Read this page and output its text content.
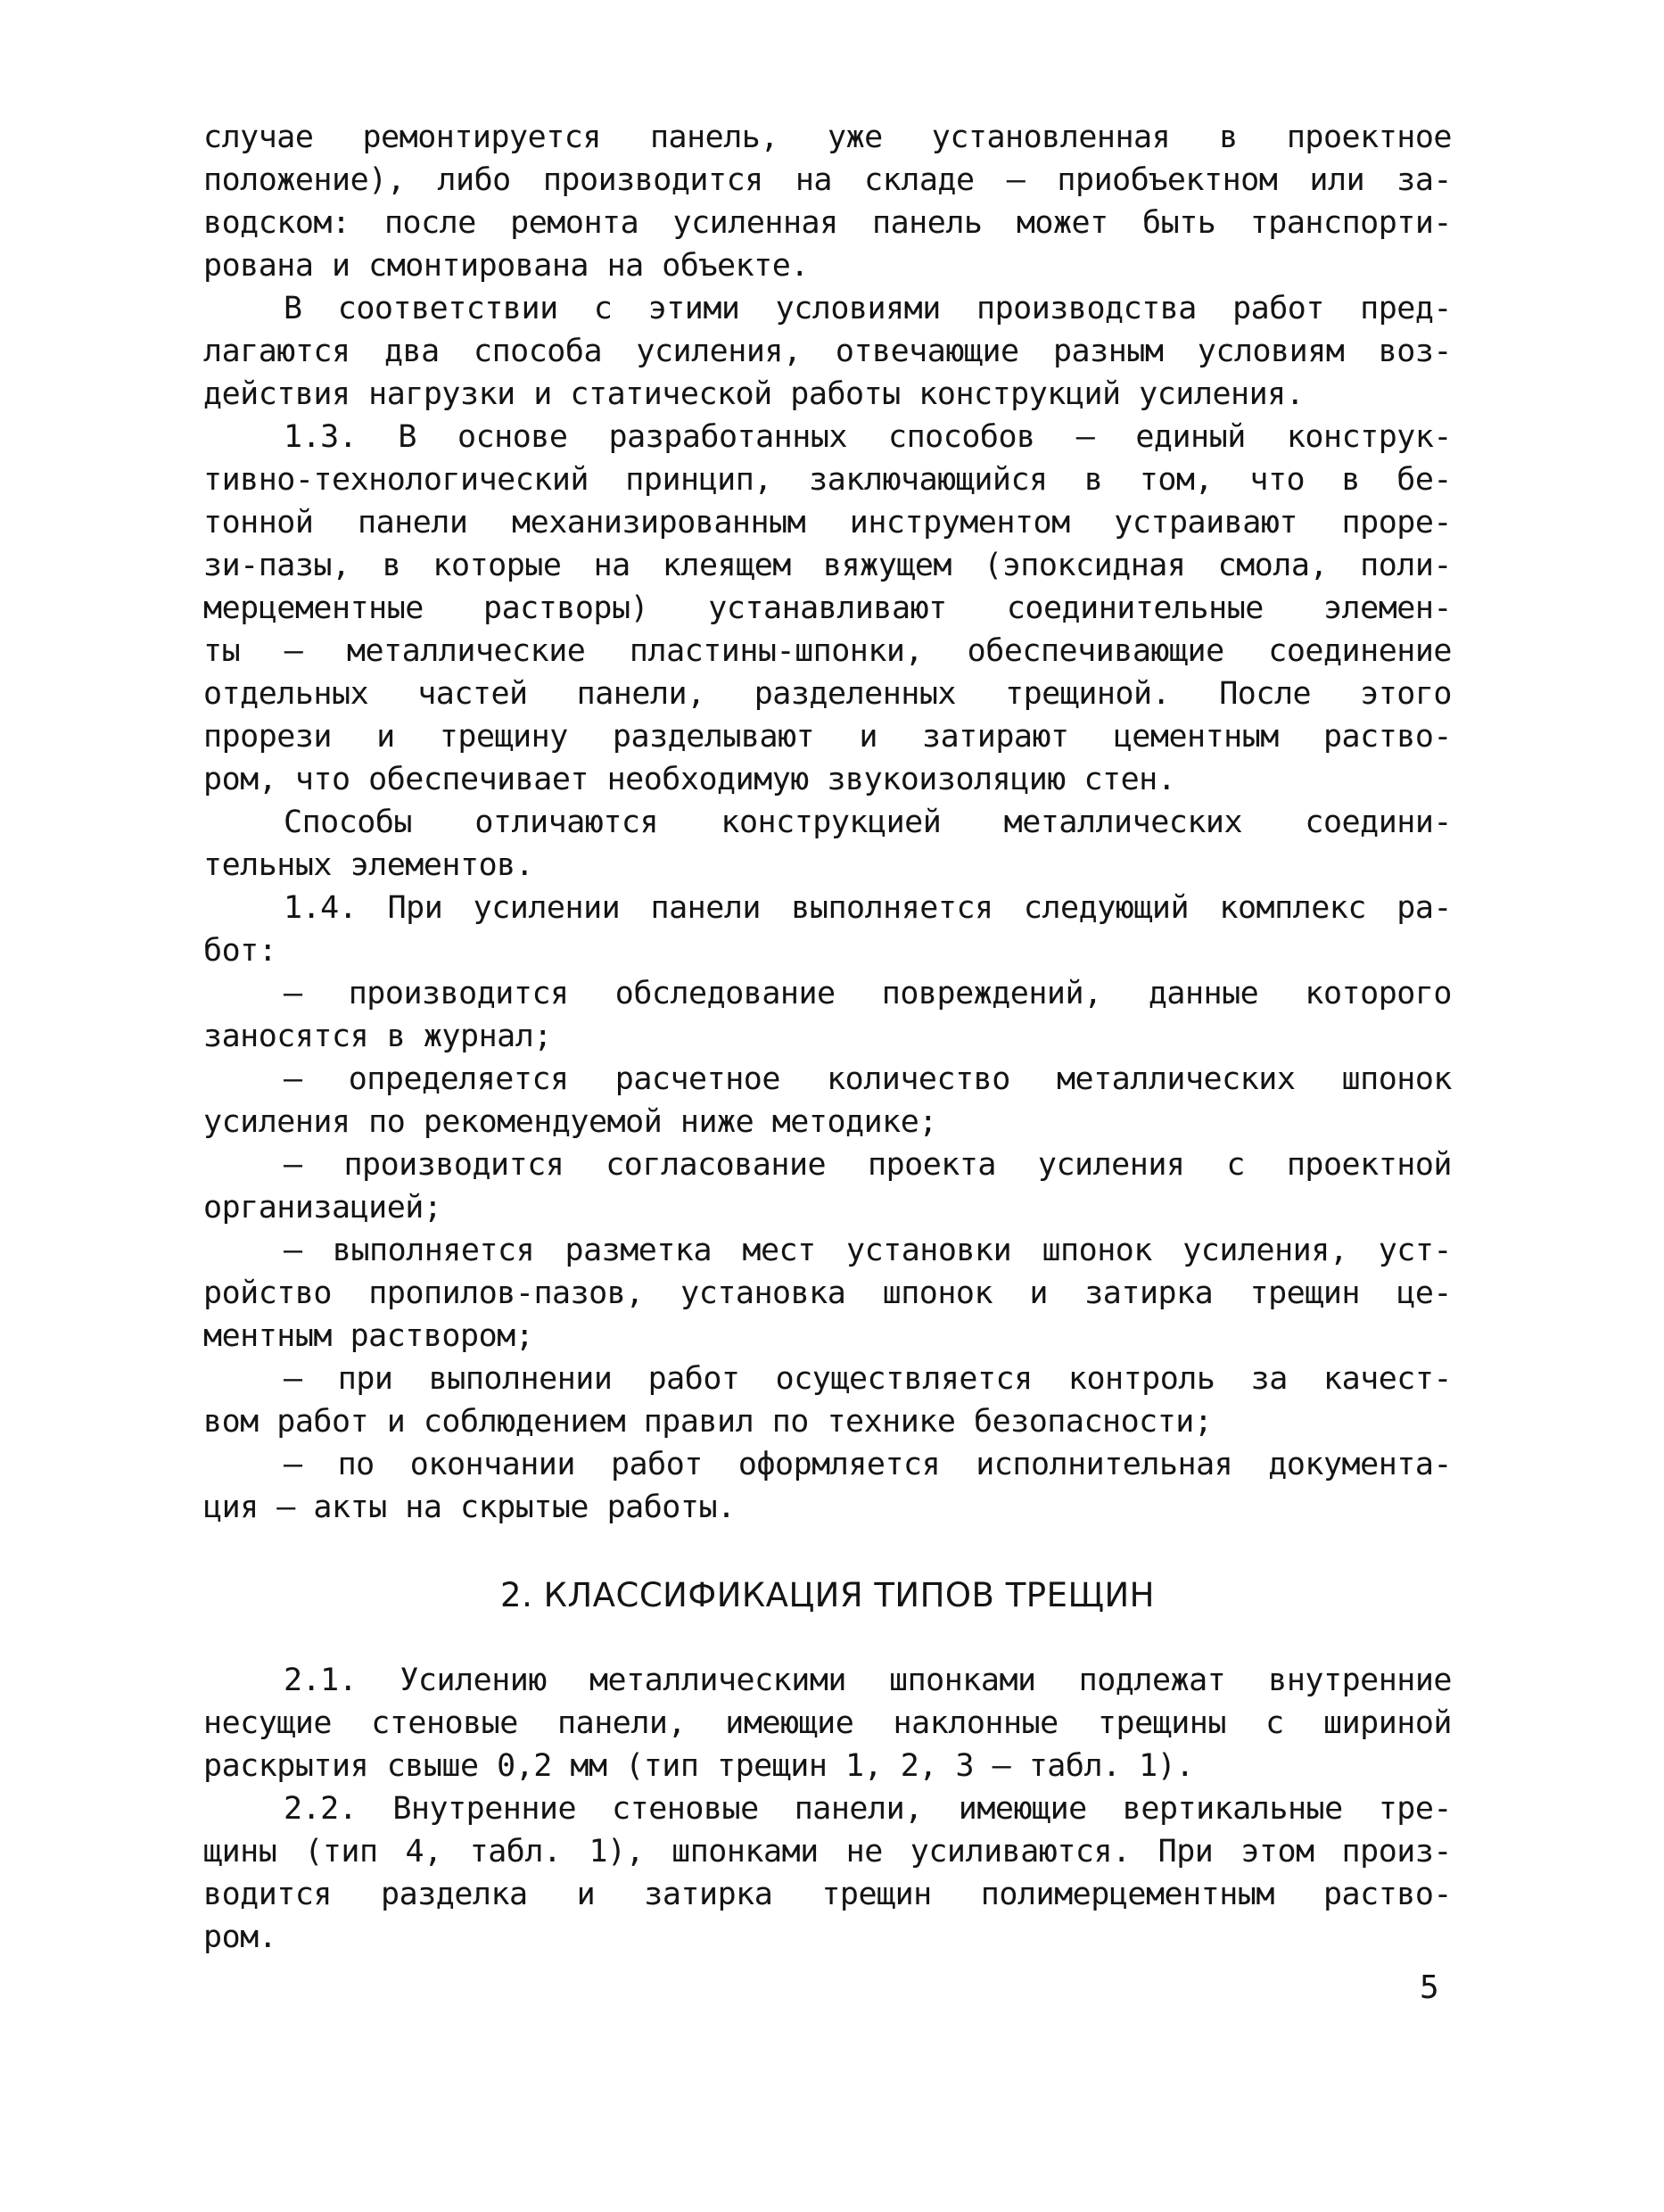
случае ремонтируется панель, уже установленная в проектное
положение), либо производится на складе – приобъектном или за-
водском: после ремонта усиленная панель может быть транспорти-
рована и смонтирована на объекте.
В соответствии с этими условиями производства работ пред-
лагаются два способа усиления, отвечающие разным условиям воз-
действия нагрузки и статической работы конструкций усиления.
1.3. В основе разработанных способов – единый конструк-
тивно-технологический принцип, заключающийся в том, что в бе-
тонной панели механизированным инструментом устраивают проре-
зи-пазы, в которые на клеящем вяжущем (эпоксидная смола, поли-
мерцементные растворы) устанавливают соединительные элемен-
ты – металлические пластины-шпонки, обеспечивающие соединение
отдельных частей панели, разделенных трещиной. После этого
прорези и трещину разделывают и затирают цементным раство-
ром, что обеспечивает необходимую звукоизоляцию стен.
Способы отличаются конструкцией металлических соедини-
тельных элементов.
1.4. При усилении панели выполняется следующий комплекс ра-
бот:
– производится обследование повреждений, данные которого
заносятся в журнал;
– определяется расчетное количество металлических шпонок
усиления по рекомендуемой ниже методике;
– производится согласование проекта усиления с проектной
организацией;
– выполняется разметка мест установки шпонок усиления, уст-
ройство пропилов-пазов, установка шпонок и затирка трещин це-
ментным раствором;
– при выполнении работ осуществляется контроль за качест-
вом работ и соблюдением правил по технике безопасности;
– по окончании работ оформляется исполнительная документа-
ция – акты на скрытые работы.
2. КЛАССИФИКАЦИЯ ТИПОВ ТРЕЩИН
2.1. Усилению металлическими шпонками подлежат внутренние
несущие стеновые панели, имеющие наклонные трещины с шириной
раскрытия свыше 0,2 мм (тип трещин 1, 2, 3 – табл. 1).
2.2. Внутренние стеновые панели, имеющие вертикальные тре-
щины (тип 4, табл. 1), шпонками не усиливаются. При этом произ-
водится разделка и затирка трещин полимерцементным раство-
ром.
5
